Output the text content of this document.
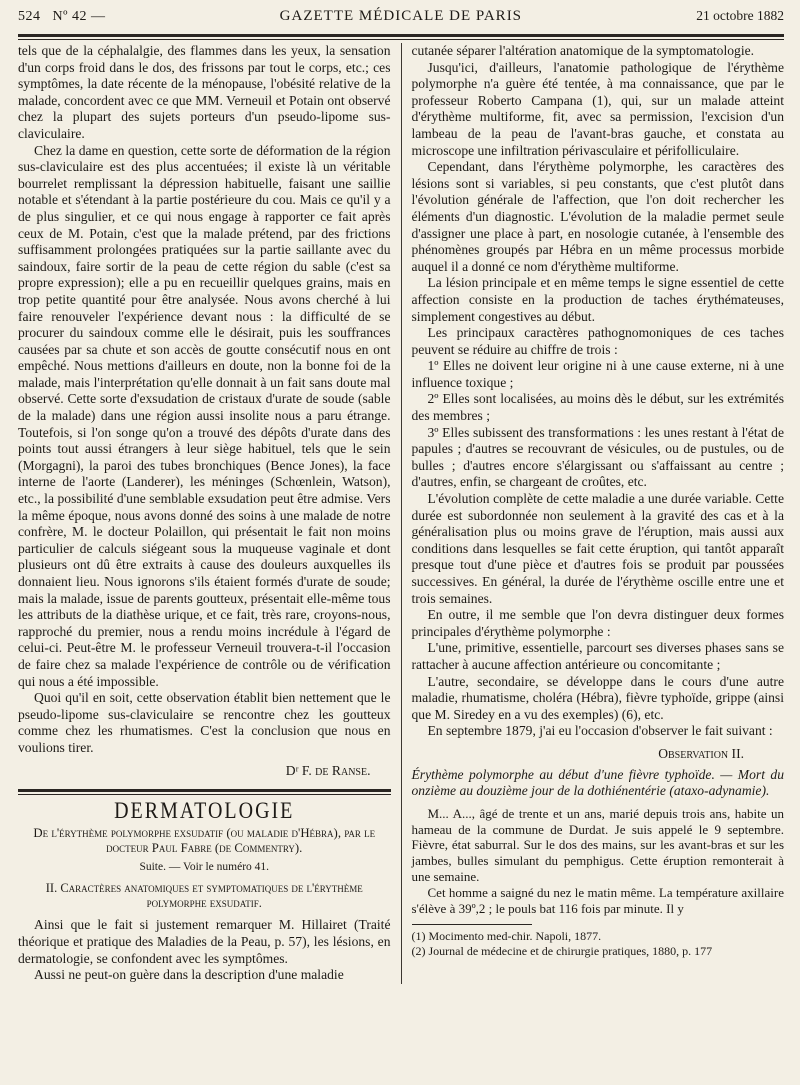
524 Nº 42 —	GAZETTE MÉDICALE DE PARIS	21 octobre 1882

tels que de la céphalalgie, des flammes dans les yeux, la sensation d'un corps froid dans le dos, des frissons par tout le corps, etc.; ces symptômes, la date récente de la ménopause, l'obésité relative de la malade, concordent avec ce que MM. Verneuil et Potain ont observé chez la plupart des sujets porteurs d'un pseudo-lipome sus-claviculaire.

Chez la dame en question, cette sorte de déformation de la région sus-claviculaire est des plus accentuées; il existe là un véritable bourrelet remplissant la dépression habituelle, faisant une saillie notable et s'étendant à la partie postérieure du cou. Mais ce qu'il y a de plus singulier, et ce qui nous engage à rapporter ce fait après ceux de M. Potain, c'est que la malade prétend, par des frictions suffisamment prolongées pratiquées sur la partie saillante avec du saindoux, faire sortir de la peau de cette région du sable (c'est sa propre expression); elle a pu en recueillir quelques grains, mais en trop petite quantité pour être analysée. Nous avons cherché à lui faire renouveler l'expérience devant nous : la difficulté de se procurer du saindoux comme elle le désirait, puis les souffrances causées par sa chute et son accès de goutte consécutif nous en ont empêché. Nous mettions d'ailleurs en doute, non la bonne foi de la malade, mais l'interprétation qu'elle donnait à un fait sans doute mal observé. Cette sorte d'exsudation de cristaux d'urate de soude (sable de la malade) dans une région aussi insolite nous a paru étrange. Toutefois, si l'on songe qu'on a trouvé des dépôts d'urate dans des points tout aussi étrangers à leur siège habituel, tels que le sein (Morgagni), la paroi des tubes bronchiques (Bence Jones), la face interne de l'aorte (Landerer), les méninges (Schœnlein, Watson), etc., la possibilité d'une semblable exsudation peut être admise. Vers la même époque, nous avons donné des soins à une malade de notre confrère, M. le docteur Polaillon, qui présentait le fait non moins particulier de calculs siégeant sous la muqueuse vaginale et dont plusieurs ont dû être extraits à cause des douleurs auxquelles ils donnaient lieu. Nous ignorons s'ils étaient formés d'urate de soude; mais la malade, issue de parents goutteux, présentait elle-même tous les attributs de la diathèse urique, et ce fait, très rare, croyons-nous, rapproché du premier, nous a rendu moins incrédule à l'égard de celui-ci. Peut-être M. le professeur Verneuil trouvera-t-il l'occasion de faire chez sa malade l'expérience de contrôle ou de vérification qui nous a été impossible.

Quoi qu'il en soit, cette observation établit bien nettement que le pseudo-lipome sus-claviculaire se rencontre chez les goutteux comme chez les rhumatismes. C'est la conclusion que nous en voulions tirer.

Dʳ F. de Ranse.
DERMATOLOGIE
De l'érythème polymorphe exsudatif (ou maladie d'Hébra), par le docteur Paul Fabre (de Commentry).
Suite. — Voir le numéro 41.
II. Caractères anatomiques et symptomatiques de l'érythème polymorphe exsudatif.

Ainsi que le fait si justement remarquer M. Hillairet (Traité théorique et pratique des Maladies de la Peau, p. 57), les lésions, en dermatologie, se confondent avec les symptômes.

Aussi ne peut-on guère dans la description d'une maladie

cutanée séparer l'altération anatomique de la symptomatologie.

Jusqu'ici, d'ailleurs, l'anatomie pathologique de l'érythème polymorphe n'a guère été tentée, à ma connaissance, que par le professeur Roberto Campana (1), qui, sur un malade atteint d'érythème multiforme, fit, avec sa permission, l'excision d'un lambeau de la peau de l'avant-bras gauche, et constata au microscope une infiltration périvasculaire et périfolliculaire.

Cependant, dans l'érythème polymorphe, les caractères des lésions sont si variables, si peu constants, que c'est plutôt dans l'évolution générale de l'affection, que l'on doit rechercher les éléments d'un diagnostic. L'évolution de la maladie permet seule d'assigner une place à part, en nosologie cutanée, à l'ensemble des phénomènes groupés par Hébra en un même processus morbide auquel il a donné ce nom d'érythème multiforme.

La lésion principale et en même temps le signe essentiel de cette affection consiste en la production de taches érythémateuses, simplement congestives au début.

Les principaux caractères pathognomoniques de ces taches peuvent se réduire au chiffre de trois :

1º Elles ne doivent leur origine ni à une cause externe, ni à une influence toxique ;

2º Elles sont localisées, au moins dès le début, sur les extrémités des membres ;

3º Elles subissent des transformations : les unes restant à l'état de papules ; d'autres se recouvrant de vésicules, ou de pustules, ou de bulles ; d'autres encore s'élargissant ou s'affaissant au centre ; d'autres, enfin, se chargeant de croûtes, etc.

L'évolution complète de cette maladie a une durée variable. Cette durée est subordonnée non seulement à la gravité des cas et à la généralisation plus ou moins grave de l'éruption, mais aussi aux conditions dans lesquelles se fait cette éruption, qui tantôt apparaît presque tout d'une pièce et d'autres fois se produit par poussées successives. En général, la durée de l'érythème oscille entre une et trois semaines.

En outre, il me semble que l'on devra distinguer deux formes principales d'érythème polymorphe :

L'une, primitive, essentielle, parcourt ses diverses phases sans se rattacher à aucune affection antérieure ou concomitante ;

L'autre, secondaire, se développe dans le cours d'une autre maladie, rhumatisme, choléra (Hébra), fièvre typhoïde, grippe (ainsi que M. Siredey en a vu des exemples) (6), etc.

En septembre 1879, j'ai eu l'occasion d'observer le fait suivant :

Observation II.

Érythème polymorphe au début d'une fièvre typhoïde. — Mort du onzième au douzième jour de la dothiénentérie (ataxo-adynamie).

M... A..., âgé de trente et un ans, marié depuis trois ans, habite un hameau de la commune de Durdat. Je suis appelé le 9 septembre. Fièvre, état saburral. Sur le dos des mains, sur les avant-bras et sur les jambes, bulles simulant du pemphigus. Cette éruption remonterait à une semaine.

Cet homme a saigné du nez le matin même. La température axillaire s'élève à 39º,2 ; le pouls bat 116 fois par minute. Il y

(1) Mocimento med-chir. Napoli, 1877.

(2) Journal de médecine et de chirurgie pratiques, 1880, p. 177
